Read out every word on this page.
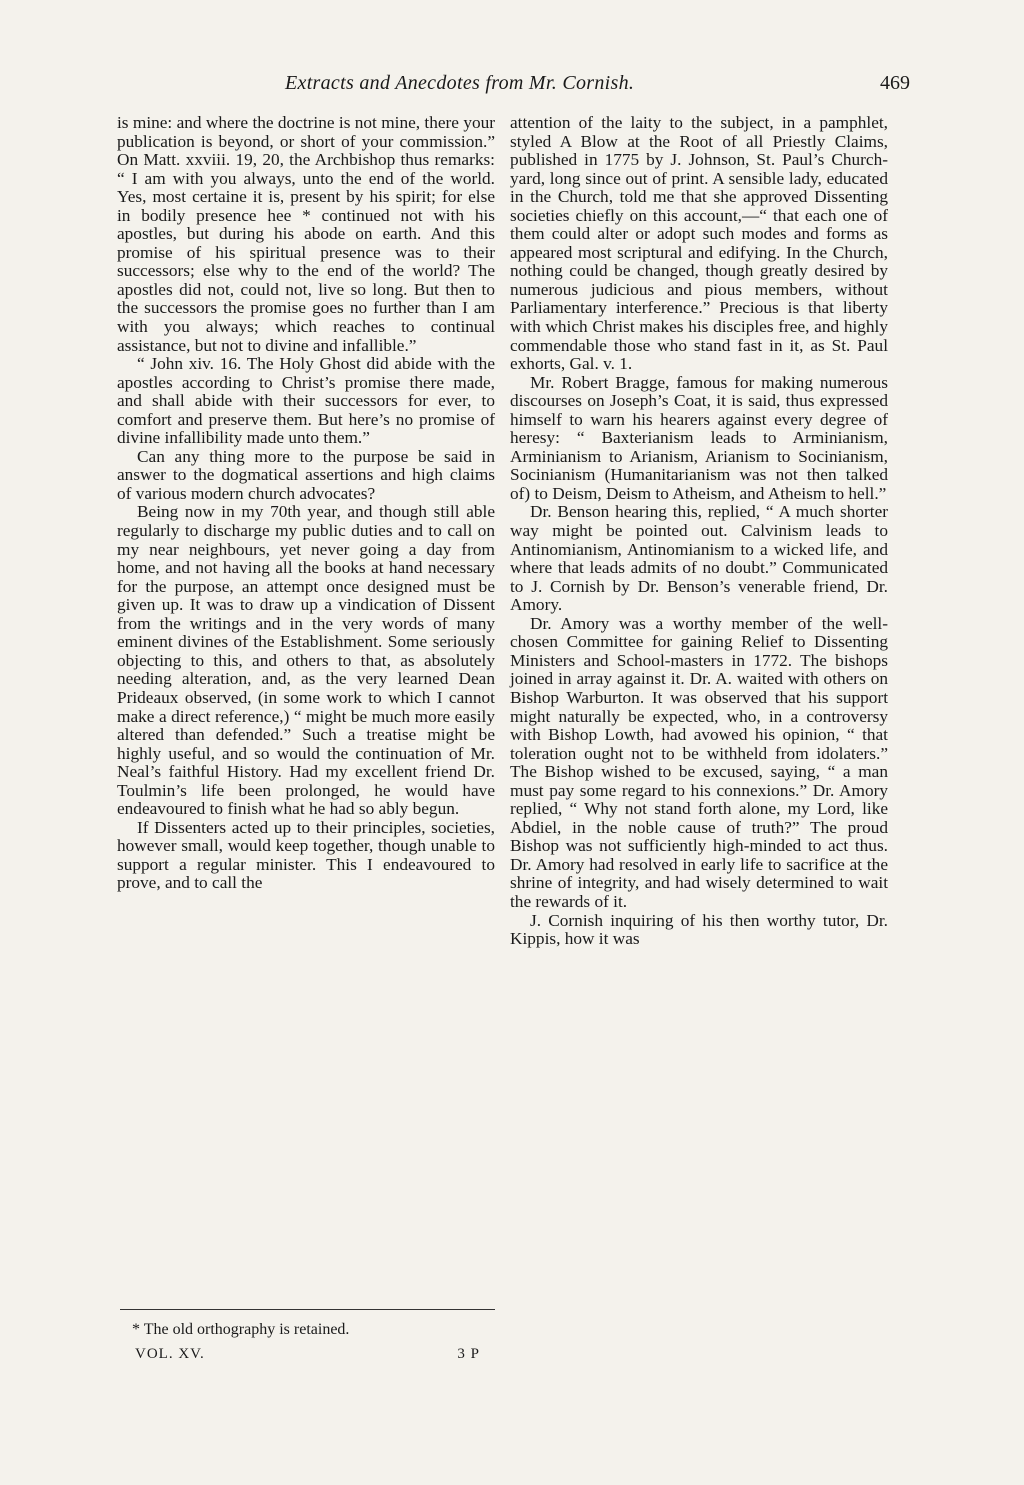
Extracts and Anecdotes from Mr. Cornish.	469

is mine: and where the doctrine is not mine, there your publication is beyond, or short of your commission.” On Matt. xxviii. 19, 20, the Archbishop thus remarks: “ I am with you always, unto the end of the world. Yes, most certaine it is, present by his spirit; for else in bodily presence hee * continued not with his apostles, but during his abode on earth. And this promise of his spiritual presence was to their successors; else why to the end of the world? The apostles did not, could not, live so long. But then to the successors the promise goes no further than I am with you always; which reaches to continual assistance, but not to divine and infallible.”

“ John xiv. 16. The Holy Ghost did abide with the apostles according to Christ’s promise there made, and shall abide with their successors for ever, to comfort and preserve them. But here’s no promise of divine infallibility made unto them.”

Can any thing more to the purpose be said in answer to the dogmatical assertions and high claims of various modern church advocates?

Being now in my 70th year, and though still able regularly to discharge my public duties and to call on my near neighbours, yet never going a day from home, and not having all the books at hand necessary for the purpose, an attempt once designed must be given up. It was to draw up a vindication of Dissent from the writings and in the very words of many eminent divines of the Establishment. Some seriously objecting to this, and others to that, as absolutely needing alteration, and, as the very learned Dean Prideaux observed, (in some work to which I cannot make a direct reference,) “ might be much more easily altered than defended.” Such a treatise might be highly useful, and so would the continuation of Mr. Neal’s faithful History. Had my excellent friend Dr. Toulmin’s life been prolonged, he would have endeavoured to finish what he had so ably begun.

If Dissenters acted up to their principles, societies, however small, would keep together, though unable to support a regular minister. This I endeavoured to prove, and to call the

attention of the laity to the subject, in a pamphlet, styled A Blow at the Root of all Priestly Claims, published in 1775 by J. Johnson, St. Paul’s Church-yard, long since out of print. A sensible lady, educated in the Church, told me that she approved Dissenting societies chiefly on this account,—“ that each one of them could alter or adopt such modes and forms as appeared most scriptural and edifying. In the Church, nothing could be changed, though greatly desired by numerous judicious and pious members, without Parliamentary interference.” Precious is that liberty with which Christ makes his disciples free, and highly commendable those who stand fast in it, as St. Paul exhorts, Gal. v. 1.

Mr. Robert Bragge, famous for making numerous discourses on Joseph’s Coat, it is said, thus expressed himself to warn his hearers against every degree of heresy: “ Baxterianism leads to Arminianism, Arminianism to Arianism, Arianism to Socinianism, Socinianism (Humanitarianism was not then talked of) to Deism, Deism to Atheism, and Atheism to hell.”

Dr. Benson hearing this, replied, “ A much shorter way might be pointed out. Calvinism leads to Antinomianism, Antinomianism to a wicked life, and where that leads admits of no doubt.” Communicated to J. Cornish by Dr. Benson’s venerable friend, Dr. Amory.

Dr. Amory was a worthy member of the well-chosen Committee for gaining Relief to Dissenting Ministers and School-masters in 1772. The bishops joined in array against it. Dr. A. waited with others on Bishop Warburton. It was observed that his support might naturally be expected, who, in a controversy with Bishop Lowth, had avowed his opinion, “ that toleration ought not to be withheld from idolaters.” The Bishop wished to be excused, saying, “ a man must pay some regard to his connexions.” Dr. Amory replied, “ Why not stand forth alone, my Lord, like Abdiel, in the noble cause of truth?” The proud Bishop was not sufficiently high-minded to act thus. Dr. Amory had resolved in early life to sacrifice at the shrine of integrity, and had wisely determined to wait the rewards of it.

J. Cornish inquiring of his then worthy tutor, Dr. Kippis, how it was

* The old orthography is retained.
VOL. XV.	3 P
